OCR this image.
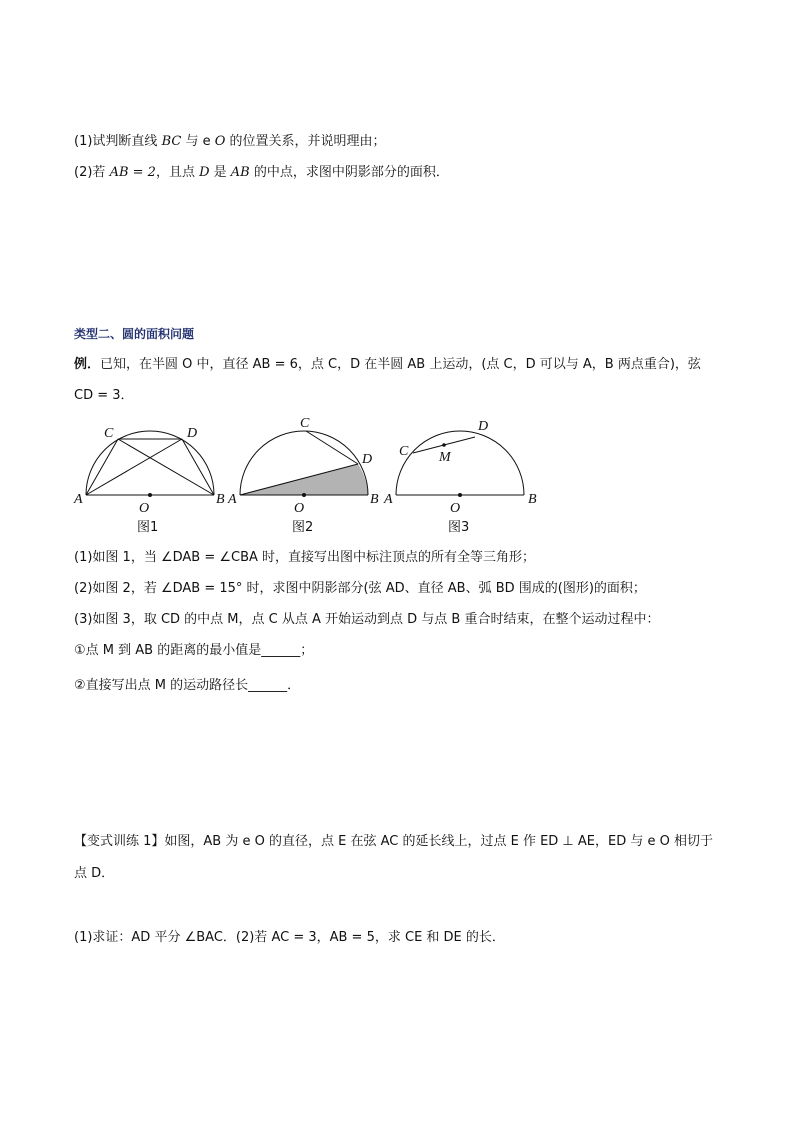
(1)试判断直线 BC 与 e O 的位置关系，并说明理由；
(2)若 AB = 2，且点 D 是 AB 的中点，求图中阴影部分的面积．
类型二、圆的面积问题
例．已知，在半圆 O 中，直径 AB = 6，点 C，D 在半圆 AB 上运动，(点 C，D 可以与 A，B 两点重合)，弦
CD = 3．
A	B
C	D
O
图1
A	B
C
D
O
图2
A	B
C
D
M
O
图3
(1)如图 1，当 ∠DAB = ∠CBA 时，直接写出图中标注顶点的所有全等三角形；
(2)如图 2，若 ∠DAB = 15° 时，求图中阴影部分(弦 AD、直径 AB、弧 BD 围成的(图形)的面积；
(3)如图 3，取 CD 的中点 M，点 C 从点 A 开始运动到点 D 与点 B 重合时结束，在整个运动过程中：
①点 M 到 AB 的距离的最小值是______；
②直接写出点 M 的运动路径长______．
【变式训练 1】如图，AB 为 e O 的直径，点 E 在弦 AC 的延长线上，过点 E 作 ED ⊥ AE，ED 与 e O 相切于
点 D．
(1)求证：AD 平分 ∠BAC．(2)若 AC = 3，AB = 5，求 CE 和 DE 的长．
